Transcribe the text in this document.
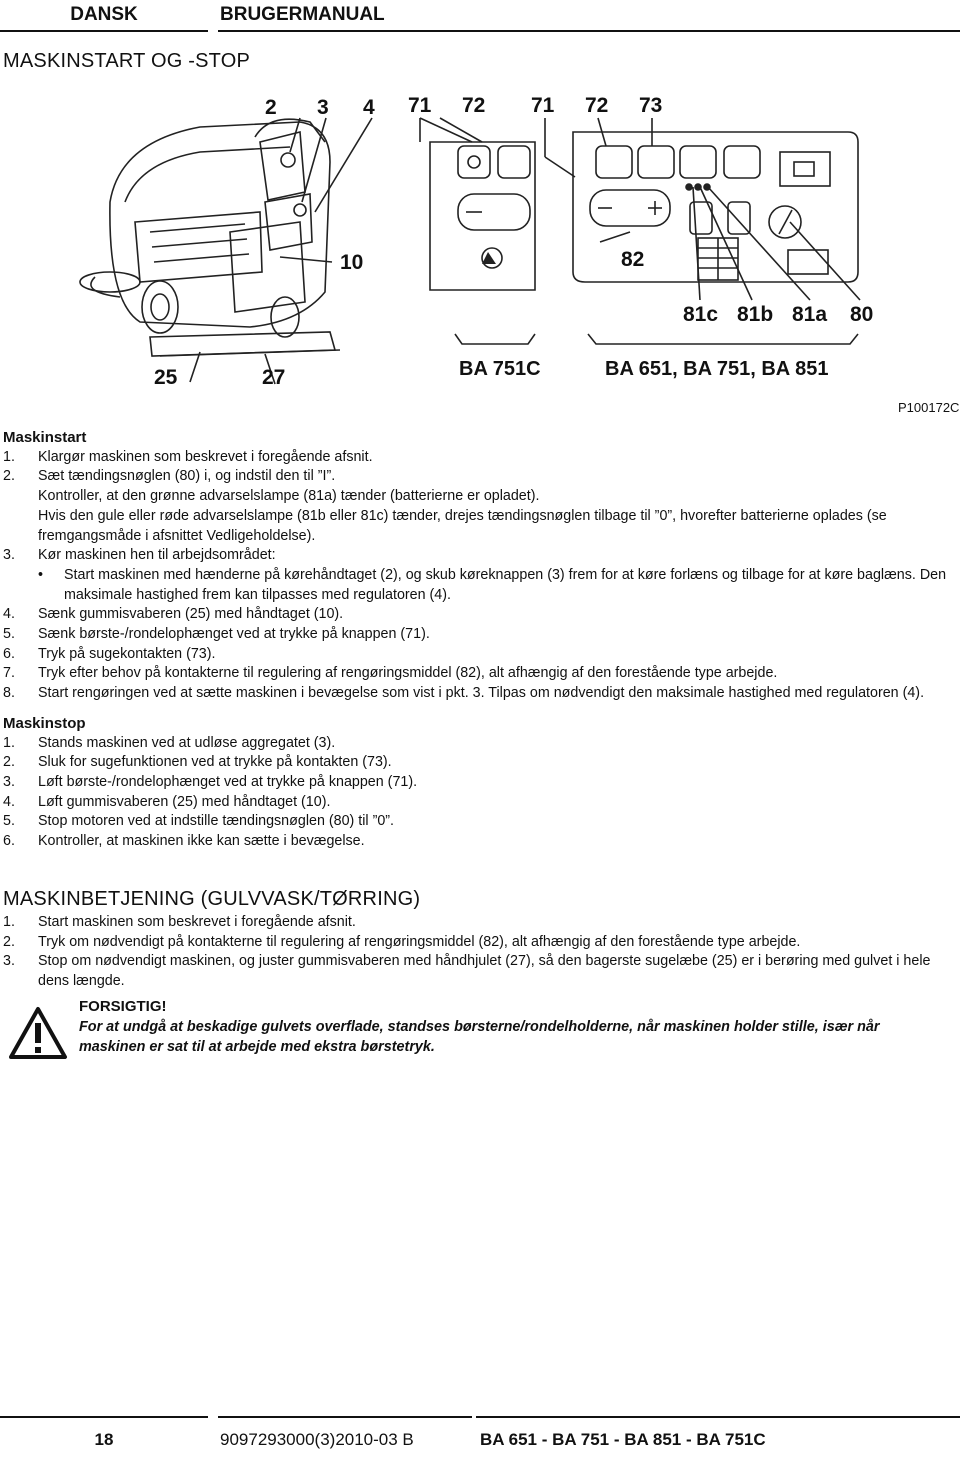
DANSK	BRUGERMANUAL
MASKINSTART OG -STOP
2 3 4 71 72 71 72 73
10	82
81c 81b 81a 80
25	27	BA 751C	BA 651, BA 751, BA 851
P100172C
Maskinstart
1. Klargør maskinen som beskrevet i foregående afsnit.
2. Sæt tændingsnøglen (80) i, og indstil den til ”I”.
Kontroller, at den grønne advarselslampe (81a) tænder (batterierne er opladet).
Hvis den gule eller røde advarselslampe (81b eller 81c) tænder, drejes tændingsnøglen tilbage til ”0”, hvorefter batterierne oplades (se fremgangsmåde i afsnittet Vedligeholdelse).
3. Kør maskinen hen til arbejdsområdet:
• Start maskinen med hænderne på kørehåndtaget (2), og skub køreknappen (3) frem for at køre forlæns og tilbage for at køre baglæns. Den maksimale hastighed frem kan tilpasses med regulatoren (4).
4. Sænk gummisvaberen (25) med håndtaget (10).
5. Sænk børste-/rondelophænget ved at trykke på knappen (71).
6. Tryk på sugekontakten (73).
7. Tryk efter behov på kontakterne til regulering af rengøringsmiddel (82), alt afhængig af den forestående type arbejde.
8. Start rengøringen ved at sætte maskinen i bevægelse som vist i pkt. 3. Tilpas om nødvendigt den maksimale hastighed med regulatoren (4).
Maskinstop
1. Stands maskinen ved at udløse aggregatet (3).
2. Sluk for sugefunktionen ved at trykke på kontakten (73).
3. Løft børste-/rondelophænget ved at trykke på knappen (71).
4. Løft gummisvaberen (25) med håndtaget (10).
5. Stop motoren ved at indstille tændingsnøglen (80) til ”0”.
6. Kontroller, at maskinen ikke kan sætte i bevægelse.
MASKINBETJENING (GULVVASK/TØRRING)
1. Start maskinen som beskrevet i foregående afsnit.
2. Tryk om nødvendigt på kontakterne til regulering af rengøringsmiddel (82), alt afhængig af den forestående type arbejde.
3. Stop om nødvendigt maskinen, og juster gummisvaberen med håndhjulet (27), så den bagerste sugelæbe (25) er i berøring med gulvet i hele dens længde.
FORSIGTIG!
For at undgå at beskadige gulvets overflade, standses børsterne/rondelholderne, når maskinen holder stille, især når maskinen er sat til at arbejde med ekstra børstetryk.
18	9097293000(3)2010-03 B	BA 651 - BA 751 - BA 851 - BA 751C
